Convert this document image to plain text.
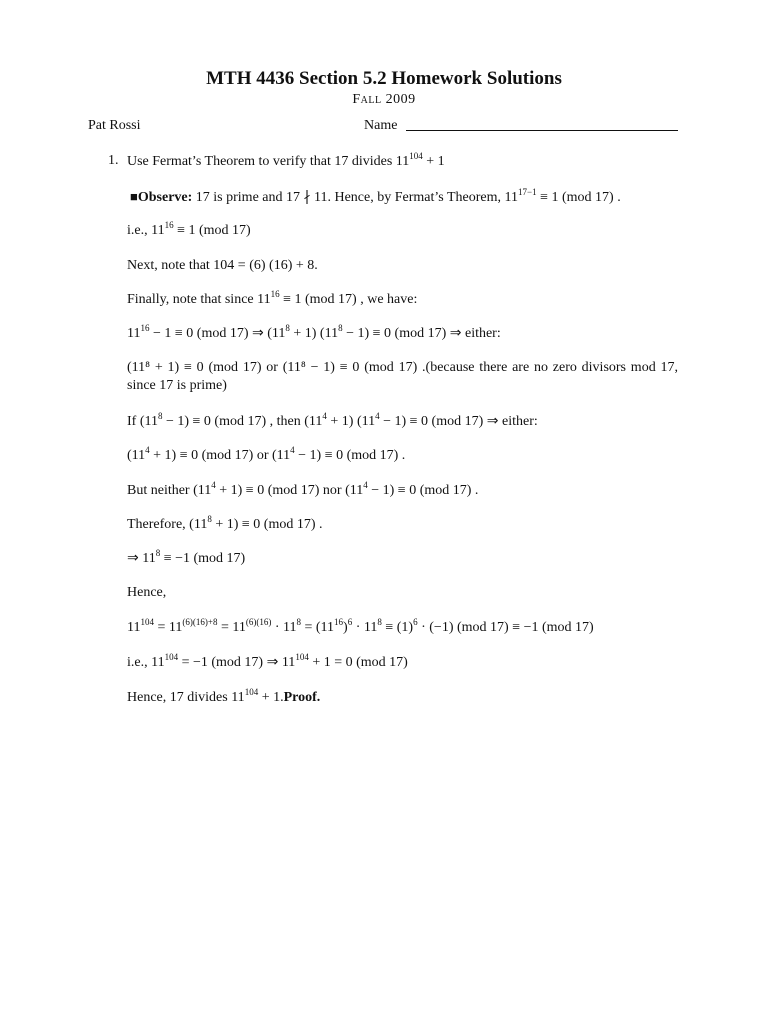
MTH 4436 Section 5.2 Homework Solutions
Fall 2009
Pat Rossi	Name
1. Use Fermat’s Theorem to verify that 17 divides $11^{104} + 1$
■Observe: 17 is prime and 17 ∤ 11. Hence, by Fermat’s Theorem, $11^{17-1} \equiv 1$ (mod 17) .
i.e., $11^{16} \equiv 1$ (mod 17)
Next, note that 104 = (6) (16) + 8.
Finally, note that since $11^{16} \equiv 1$ (mod 17) , we have:
$11^{16} - 1 \equiv 0$ (mod 17) ⇒ $(11^8 + 1) (11^8 - 1) \equiv 0$ (mod 17) ⇒ either:
(11⁸ + 1) ≡ 0 (mod 17) or (11⁸ − 1) ≡ 0 (mod 17) .(because there are no zero divisors mod 17, since 17 is prime)
If $(11^8 - 1) \equiv 0$ (mod 17) , then $(11^4 + 1) (11^4 - 1) \equiv 0$ (mod 17) ⇒ either:
$(11^4 + 1) \equiv 0$ (mod 17) or $(11^4 - 1) \equiv 0$ (mod 17) .
But neither $(11^4 + 1) \equiv 0$ (mod 17) nor $(11^4 - 1) \equiv 0$ (mod 17) .
Therefore, $(11^8 + 1) \equiv 0$ (mod 17) .
⇒ $11^8 \equiv -1$ (mod 17)
Hence,
$11^{104} = 11^{(6)(16)+8} = 11^{(6)(16)} \cdot 11^8 = (11^{16})^6 \cdot 11^8 \equiv (1)^6 \cdot (-1)$ (mod 17) ≡ −1 (mod 17)
i.e., $11^{104} = -1$ (mod 17) ⇒ $11^{104} + 1 = 0$ (mod 17)
Hence, 17 divides $11^{104}$ + 1.Proof.
